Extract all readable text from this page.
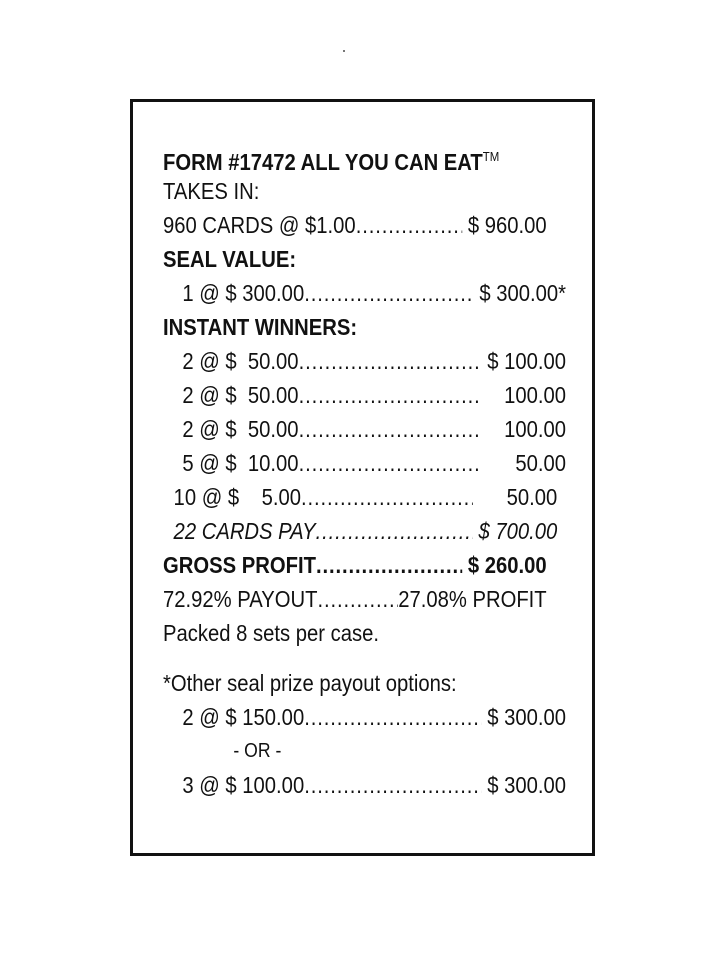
FORM #17472 ALL YOU CAN EAT™
TAKES IN:
960 CARDS @ $1.00 .....	$ 960.00
SEAL VALUE:
1 @ $ 300.00 .....	$ 300.00*
INSTANT WINNERS:
2 @ $  50.00 .....	$ 100.00
2 @ $  50.00 .....	100.00
2 @ $  50.00 .....	100.00
5 @ $  10.00 .....	50.00
10 @ $    5.00 .....	50.00
22 CARDS PAY .....	$ 700.00
GROSS PROFIT .....	$ 260.00
72.92% PAYOUT .....	27.08% PROFIT
Packed 8 sets per case.
*Other seal prize payout options:
2 @ $ 150.00 .....	$ 300.00
- OR -
3 @ $ 100.00 .....	$ 300.00
